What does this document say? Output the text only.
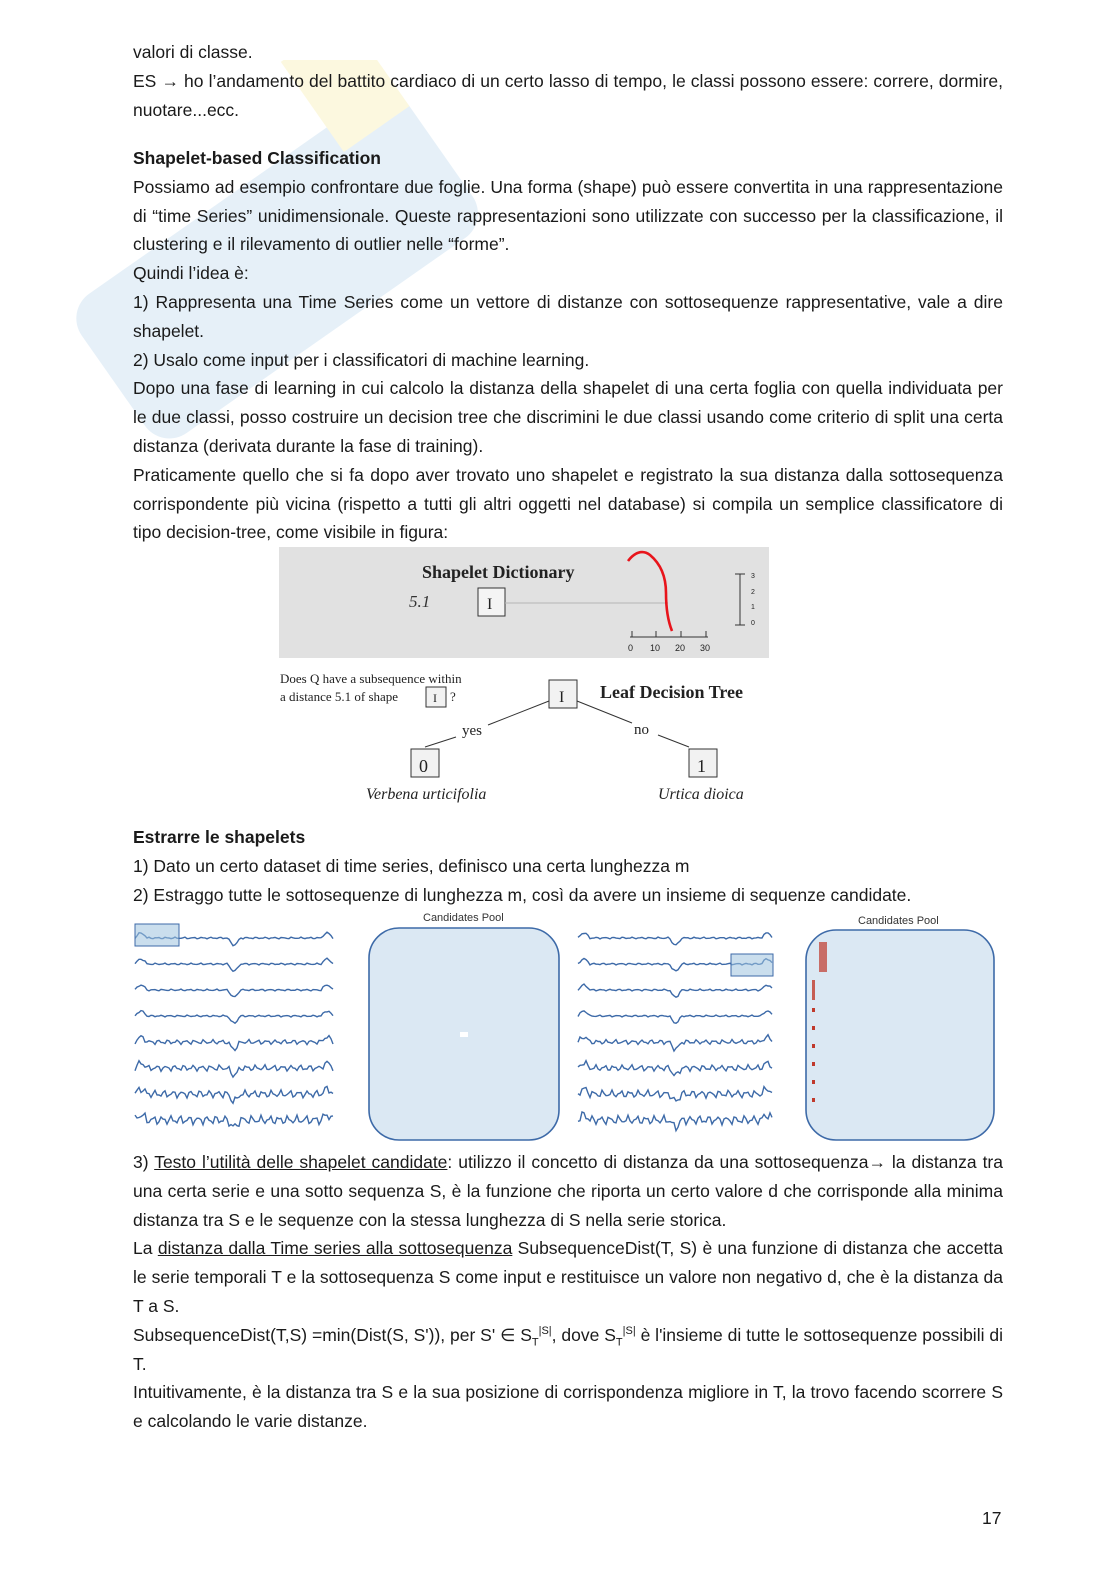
valori di classe.

ES → ho l’andamento del battito cardiaco di un certo lasso di tempo, le classi possono essere: correre, dormire, nuotare...ecc.

Shapelet-based Classification

Possiamo ad esempio confrontare due foglie. Una forma (shape) può essere convertita in una rappresentazione di “time Series” unidimensionale. Queste rappresentazioni sono utilizzate con successo per la classificazione, il clustering e il rilevamento di outlier nelle “forme”.

Quindi l’idea è:

1) Rappresenta una Time Series come un vettore di distanze con sottosequenze rappresentative, vale a dire shapelet.

2) Usalo come input per i classificatori di machine learning.

Dopo una fase di learning in cui calcolo la distanza della shapelet di una certa foglia con quella individuata per le due classi, posso costruire un decision tree che discrimini le due classi usando come criterio di split una certa distanza (derivata durante la fase di training).

Praticamente quello che si fa dopo aver trovato uno shapelet e registrato la sua distanza dalla sottosequenza corrispondente più vicina (rispetto a tutti gli altri oggetti nel database) si compila un semplice classificatore di tipo decision-tree, come visibile in figura:

Shapelet Dictionary
5.1	I
0 10 20 30
3
2
1
0
Does Q have a subsequence within
a distance 5.1 of shape	I ?	I Leaf Decision Tree
yes	no
0	1
Verbena urticifolia	Urtica dioica

Estrarre le shapelets

1) Dato un certo dataset di time series, definisco una certa lunghezza m

2) Estraggo tutte le sottosequenze di lunghezza m, così da avere un insieme di sequenze candidate.

Candidates Pool	Candidates Pool

3) Testo l’utilità delle shapelet candidate: utilizzo il concetto di distanza da una sottosequenza→ la distanza tra una certa serie e una sotto sequenza S, è la funzione che riporta un certo valore d che corrisponde alla minima distanza tra S e le sequenze con la stessa lunghezza di S nella serie storica.

La distanza dalla Time series alla sottosequenza SubsequenceDist(T, S) è una funzione di distanza che accetta le serie temporali T e la sottosequenza S come input e restituisce un valore non negativo d, che è la distanza da T a S.

SubsequenceDist(T,S) =min(Dist(S, S')), per S' ∈ $S_T^{|S|}$, dove $S_T^{|S|}$ è l'insieme di tutte le sottosequenze possibili di T.

Intuitivamente, è la distanza tra S e la sua posizione di corrispondenza migliore in T, la trovo facendo scorrere S e calcolando le varie distanze.

17
